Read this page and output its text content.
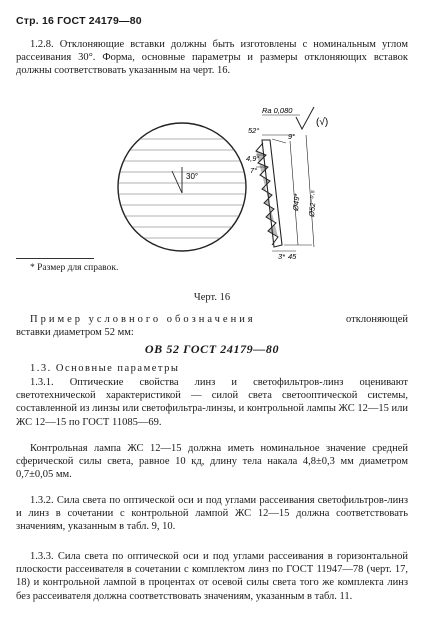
Стр. 16 ГОСТ 24179—80

1.2.8. Отклоняющие вставки должны быть изготовлены с номинальным углом рассеивания 30°. Форма, основные параметры и размеры отклоняющих вставок должны соответствовать указанным на черт. 16.

30°
Ra 0,080
(√)
52°
9°
Ø49* Ø52⁻⁰·⁵
4,9°
7°
3* 45

* Размер для справок.

Черт. 16

Пример условного обозначения	отклоняющей

вставки диаметром 52 мм:

ОВ 52 ГОСТ 24179—80

1.3. Основные параметры

1.3.1. Оптические свойства линз и светофильтров-линз оценивают светотехнической характеристикой — силой света светооптической системы, составленной из линзы или светофильтра-линзы, и контрольной лампы ЖС 12—15 или ЖС 12—15 по ГОСТ 11085—69.

Контрольная лампа ЖС 12—15 должна иметь номинальное значение средней сферической силы света, равное 10 кд, длину тела накала 4,8±0,3 мм диаметром 0,7±0,05 мм.

1.3.2. Сила света по оптической оси и под углами рассеивания светофильтров-линз и линз в сочетании с контрольной лампой ЖС 12—15 должна соответствовать значениям, указанным в табл. 9, 10.

1.3.3. Сила света по оптической оси и под углами рассеивания в горизонтальной плоскости рассеивателя в сочетании с комплектом линз по ГОСТ 11947—78 (черт. 17, 18) и контрольной лампой в процентах от осевой силы света того же комплекта линз без рассеивателя должна соответствовать значениям, указанным в табл. 11.
